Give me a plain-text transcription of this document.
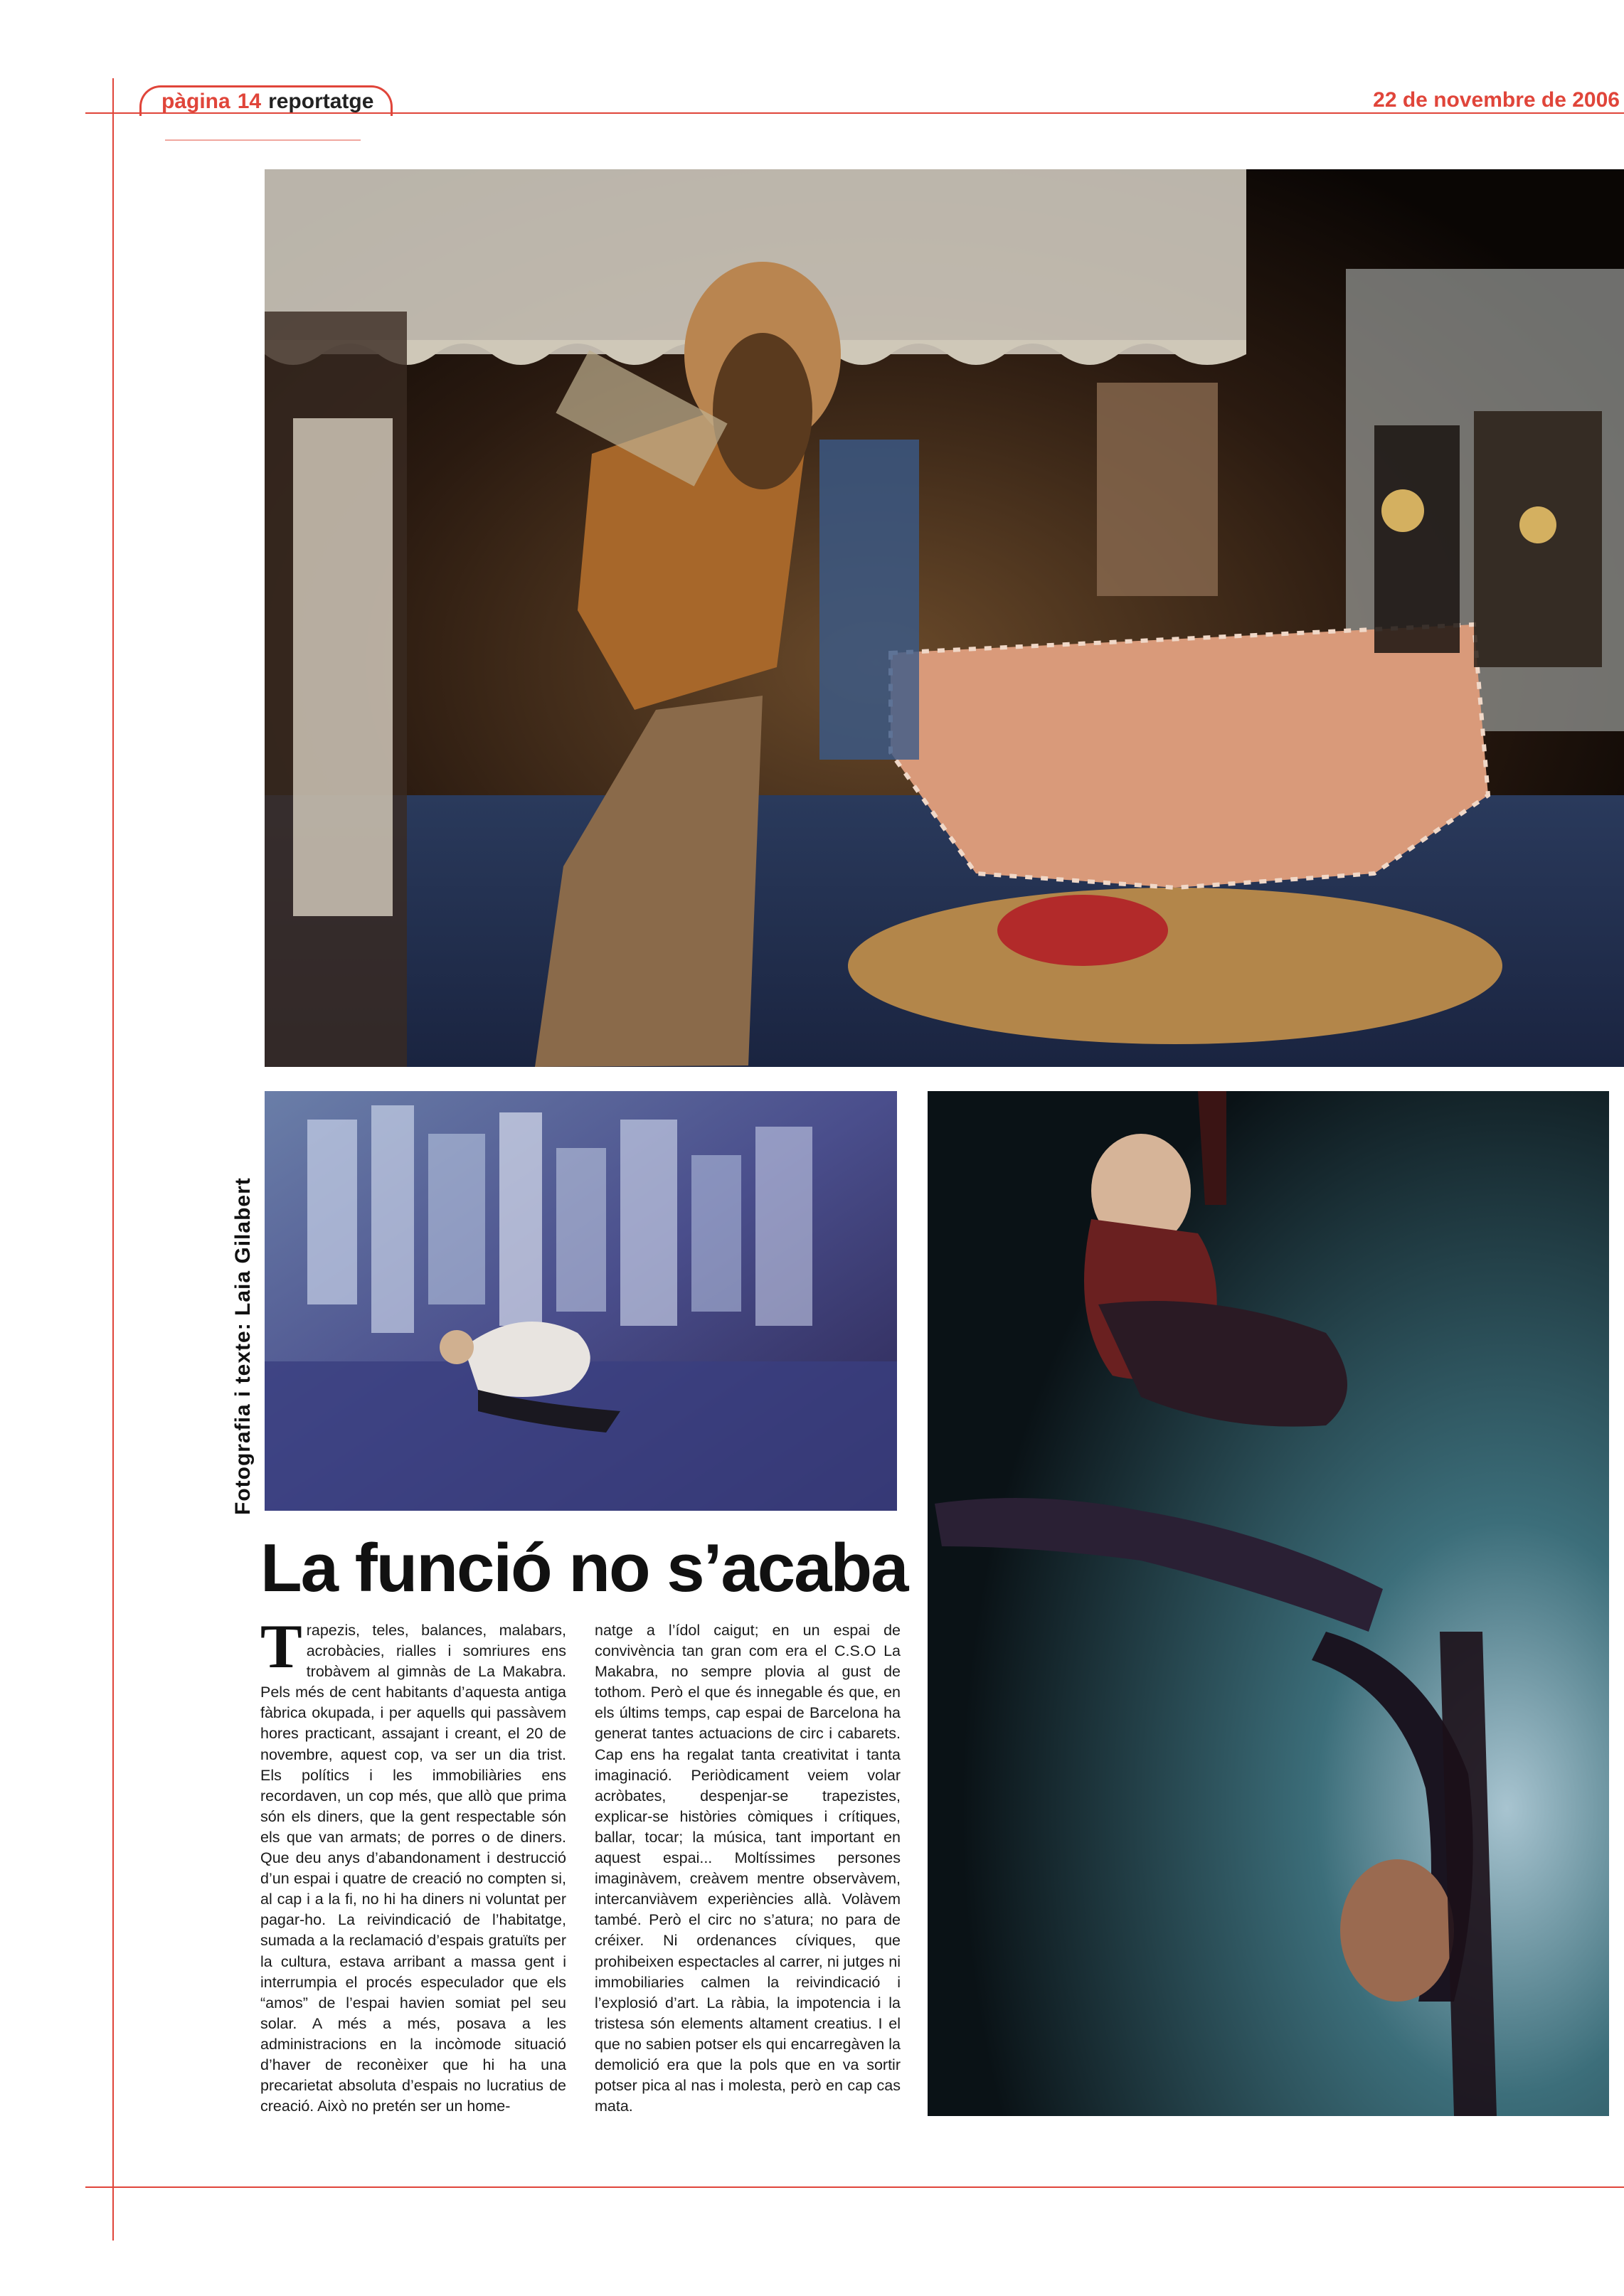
pàgina 14 reportatge	22 de novembre de 2006
Fotografia i texte: Laia Gilabert
La funció no s’acaba
Trapezis, teles, balances, malabars, acrobàcies, rialles i somriures ens trobàvem al gimnàs de La Makabra. Pels més de cent habitants d’aquesta antiga fàbrica okupada, i per aquells qui passàvem hores practicant, assajant i creant, el 20 de novembre, aquest cop, va ser un dia trist. Els polítics i les immobiliàries ens recordaven, un cop més, que allò que prima són els diners, que la gent respectable són els que van armats; de porres o de diners. Que deu anys d’abandonament i destrucció d’un espai i quatre de creació no compten si, al cap i a la fi, no hi ha diners ni voluntat per pagar-ho. La reivindicació de l’habitatge, sumada a la reclamació d’espais gratuïts per la cultura, estava arribant a massa gent i interrumpia el procés especulador que els “amos” de l’espai havien somiat pel seu solar. A més a més, posava a les administracions en la incòmode situació d’haver de reconèixer que hi ha una precarietat absoluta d’espais no lucratius de creació. Això no pretén ser un home-
natge a l’ídol caigut; en un espai de convivència tan gran com era el C.S.O La Makabra, no sempre plovia al gust de tothom. Però el que és innegable és que, en els últims temps, cap espai de Barcelona ha generat tantes actuacions de circ i cabarets. Cap ens ha regalat tanta creativitat i tanta imaginació. Periòdicament veiem volar acròbates, despenjar-se trapezistes, explicar-se històries còmiques i crítiques, ballar, tocar; la música, tant important en aquest espai... Moltíssimes persones imaginàvem, creàvem mentre observàvem, intercanviàvem experiències allà. Volàvem també. Però el circ no s’atura; no para de créixer. Ni ordenances cíviques, que prohibeixen espectacles al carrer, ni jutges ni immobiliaries calmen la reivindicació i l’explosió d’art. La ràbia, la impotencia i la tristesa són elements altament creatius. I el que no sabien potser els qui encarregàven la demolició era que la pols que en va sortir potser pica al nas i molesta, però en cap cas mata.
